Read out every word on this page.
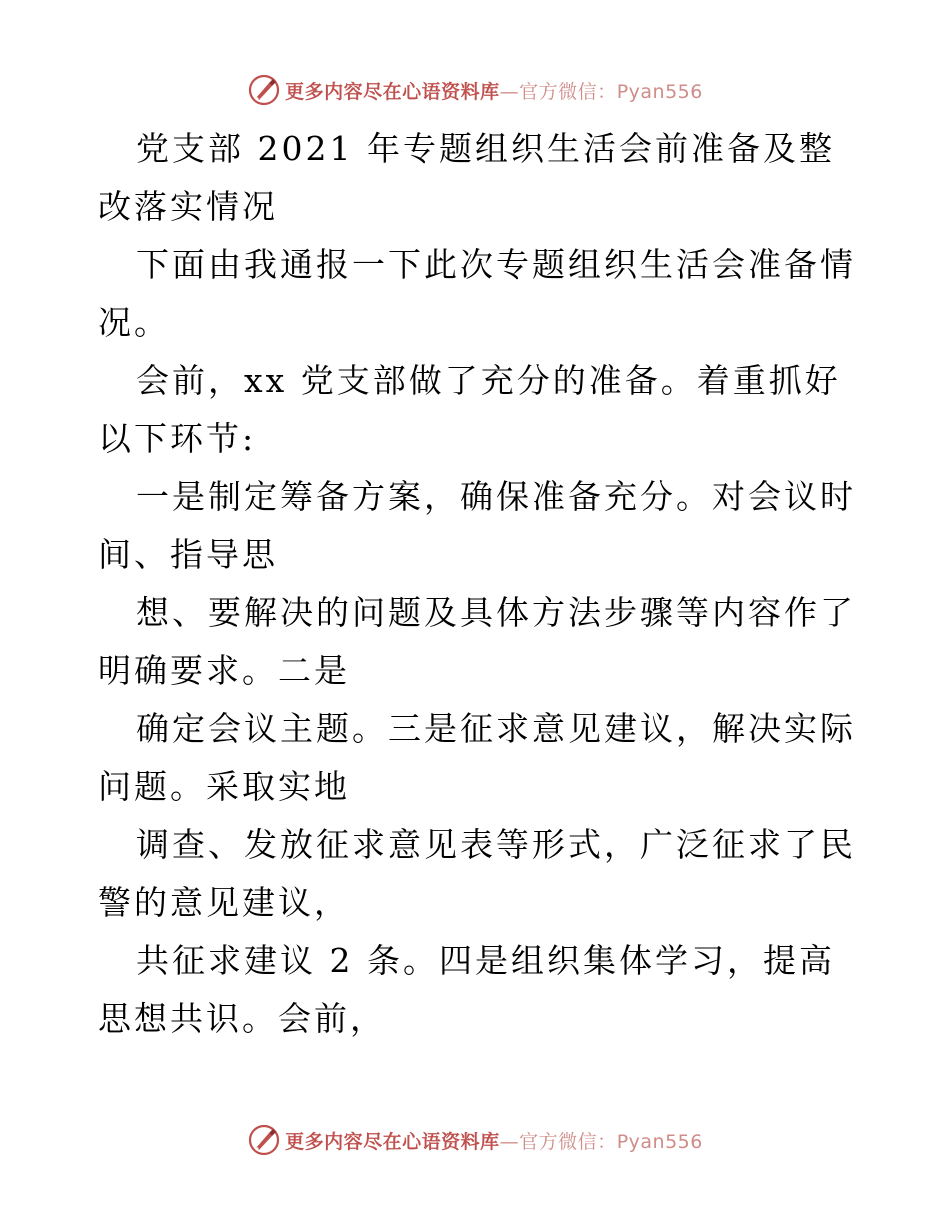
更多内容尽在心语资料库—官方微信：Pyan556

党支部 2021 年专题组织生活会前准备及整改落实情况

下面由我通报一下此次专题组织生活会准备情况。

会前，xx 党支部做了充分的准备。着重抓好以下环节:

一是制定筹备方案，确保准备充分。对会议时间、指导思

想、要解决的问题及具体方法步骤等内容作了明确要求。二是

确定会议主题。三是征求意见建议，解决实际问题。采取实地

调查、发放征求意见表等形式，广泛征求了民警的意见建议，

共征求建议 2 条。四是组织集体学习，提高思想共识。会前，

更多内容尽在心语资料库—官方微信：Pyan556
